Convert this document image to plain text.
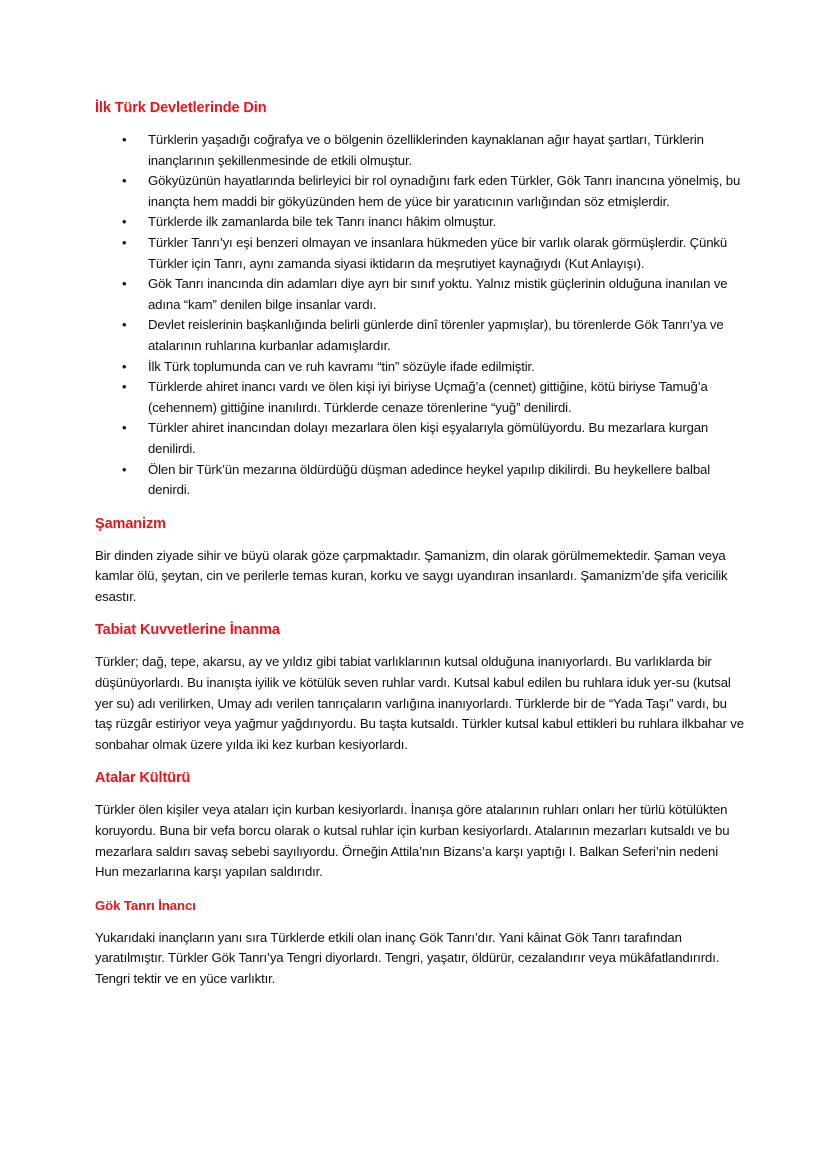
İlk Türk Devletlerinde Din
• Türklerin yaşadığı coğrafya ve o bölgenin özelliklerinden kaynaklanan ağır hayat şartları, Türklerin inançlarının şekillenmesinde de etkili olmuştur.
• Gökyüzünün hayatlarında belirleyici bir rol oynadığını fark eden Türkler, Gök Tanrı inancına yönelmiş, bu inançta hem maddi bir gökyüzünden hem de yüce bir yaratıcının varlığından söz etmişlerdir.
• Türklerde ilk zamanlarda bile tek Tanrı inancı hâkim olmuştur.
• Türkler Tanrı’yı eşi benzeri olmayan ve insanlara hükmeden yüce bir varlık olarak görmüşlerdir. Çünkü Türkler için Tanrı, aynı zamanda siyasi iktidarın da meşrutiyet kaynağıydı (Kut Anlayışı).
• Gök Tanrı inancında din adamları diye ayrı bir sınıf yoktu. Yalnız mistik güçlerinin olduğuna inanılan ve adına “kam” denilen bilge insanlar vardı.
• Devlet reislerinin başkanlığında belirli günlerde dinî törenler yapmışlar), bu törenlerde Gök Tanrı’ya ve atalarının ruhlarına kurbanlar adamışlardır.
• İlk Türk toplumunda can ve ruh kavramı “tin” sözüyle ifade edilmiştir.
• Türklerde ahiret inancı vardı ve ölen kişi iyi biriyse Uçmağ’a (cennet) gittiğine, kötü biriyse Tamuğ’a (cehennem) gittiğine inanılırdı. Türklerde cenaze törenlerine “yuğ” denilirdi.
• Türkler ahiret inancından dolayı mezarlara ölen kişi eşyalarıyla gömülüyordu. Bu mezarlara kurgan denilirdi.
• Ölen bir Türk’ün mezarına öldürdüğü düşman adedince heykel yapılıp dikilirdi. Bu heykellere balbal denirdi.
Şamanizm

Bir dinden ziyade sihir ve büyü olarak göze çarpmaktadır. Şamanizm, din olarak görülmemektedir. Şaman veya kamlar ölü, şeytan, cin ve perilerle temas kuran, korku ve saygı uyandıran insanlardı. Şamanizm’de şifa vericilik esastır.

Tabiat Kuvvetlerine İnanma

Türkler; dağ, tepe, akarsu, ay ve yıldız gibi tabiat varlıklarının kutsal olduğuna inanıyorlardı. Bu varlıklarda bir düşünüyorlardı. Bu inanışta iyilik ve kötülük seven ruhlar vardı. Kutsal kabul edilen bu ruhlara iduk yer-su (kutsal yer su) adı verilirken, Umay adı verilen tanrıçaların varlığına inanıyorlardı. Türklerde bir de “Yada Taşı” vardı, bu taş rüzgâr estiriyor veya yağmur yağdırıyordu. Bu taşta kutsaldı. Türkler kutsal kabul ettikleri bu ruhlara ilkbahar ve sonbahar olmak üzere yılda iki kez kurban kesiyorlardı.

Atalar Kültürü

Türkler ölen kişiler veya ataları için kurban kesiyorlardı. İnanışa göre atalarının ruhları onları her türlü kötülükten koruyordu. Buna bir vefa borcu olarak o kutsal ruhlar için kurban kesiyorlardı. Atalarının mezarları kutsaldı ve bu mezarlara saldırı savaş sebebi sayılıyordu. Örneğin Attila’nın Bizans’a karşı yaptığı I. Balkan Seferi’nin nedeni Hun mezarlarına karşı yapılan saldırıdır.

Gök Tanrı İnancı

Yukarıdaki inançların yanı sıra Türklerde etkili olan inanç Gök Tanrı’dır. Yani kâinat Gök Tanrı tarafından yaratılmıştır. Türkler Gök Tanrı’ya Tengri diyorlardı. Tengri, yaşatır, öldürür, cezalandırır veya mükâfatlandırırdı. Tengri tektir ve en yüce varlıktır.
